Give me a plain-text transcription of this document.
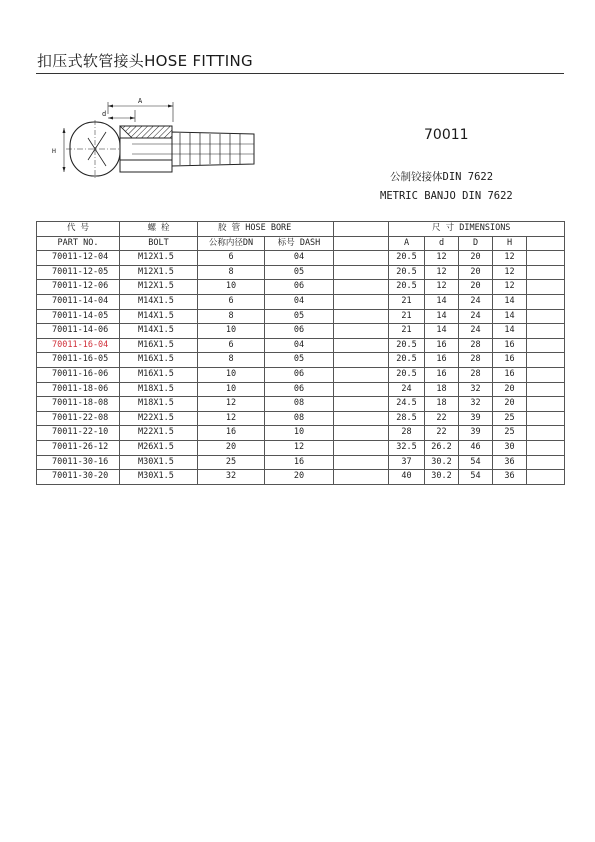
扣压式软管接头HOSE FITTING
A
d
H
70011
公制铰接体DIN 7622
METRIC BANJO DIN 7622
代 号	螺 栓	胶 管 HOSE BORE			尺 寸 DIMENSIONS				
PART NO.	BOLT	公称内径DN	标号 DASH		A	d	D	H	
70011-12-04	M12X1.5	6	04		20.5	12	20	12	
70011-12-05	M12X1.5	8	05		20.5	12	20	12	
70011-12-06	M12X1.5	10	06		20.5	12	20	12	
70011-14-04	M14X1.5	6	04		21	14	24	14	
70011-14-05	M14X1.5	8	05		21	14	24	14	
70011-14-06	M14X1.5	10	06		21	14	24	14	
70011-16-04	M16X1.5	6	04		20.5	16	28	16	
70011-16-05	M16X1.5	8	05		20.5	16	28	16	
70011-16-06	M16X1.5	10	06		20.5	16	28	16	
70011-18-06	M18X1.5	10	06		24	18	32	20	
70011-18-08	M18X1.5	12	08		24.5	18	32	20	
70011-22-08	M22X1.5	12	08		28.5	22	39	25	
70011-22-10	M22X1.5	16	10		28	22	39	25	
70011-26-12	M26X1.5	20	12		32.5	26.2	46	30	
70011-30-16	M30X1.5	25	16		37	30.2	54	36	
70011-30-20	M30X1.5	32	20		40	30.2	54	36	
